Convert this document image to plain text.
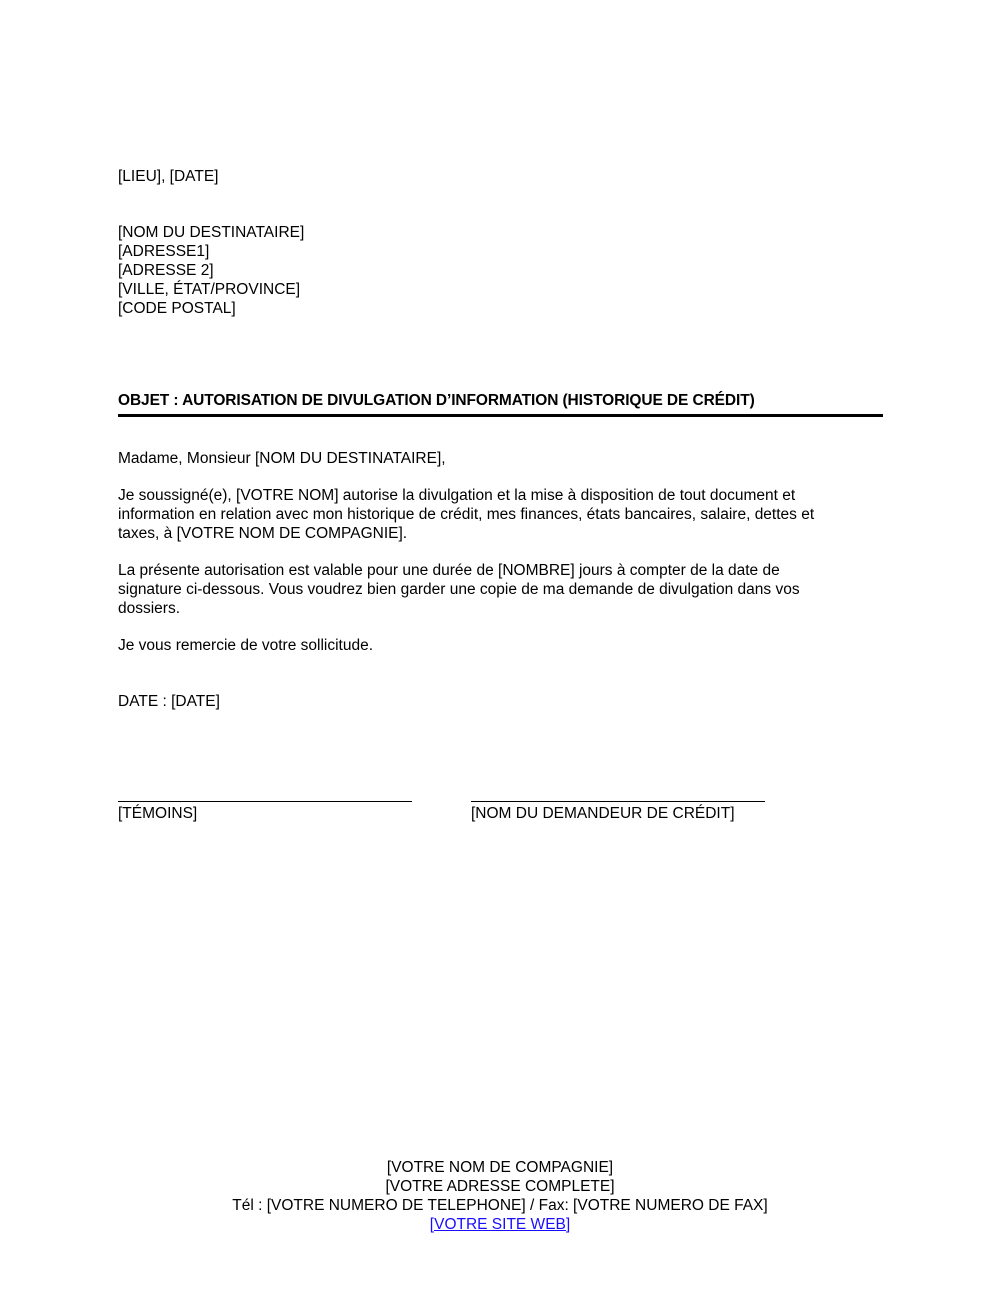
[LIEU], [DATE]
[NOM DU DESTINATAIRE]
[ADRESSE1]
[ADRESSE 2]
[VILLE, ÉTAT/PROVINCE]
[CODE POSTAL]
OBJET : AUTORISATION DE DIVULGATION D’INFORMATION (HISTORIQUE DE CRÉDIT)
Madame, Monsieur [NOM DU DESTINATAIRE],
Je soussigné(e), [VOTRE NOM] autorise la divulgation et la mise à disposition de tout document et
information en relation avec mon historique de crédit, mes finances, états bancaires, salaire, dettes et
taxes, à [VOTRE NOM DE COMPAGNIE].
La présente autorisation est valable pour une durée de [NOMBRE] jours à compter de la date de
signature ci-dessous. Vous voudrez bien garder une copie de ma demande de divulgation dans vos
dossiers.
Je vous remercie de votre sollicitude.
DATE : [DATE]
[TÉMOINS]	[NOM DU DEMANDEUR DE CRÉDIT]
[VOTRE NOM DE COMPAGNIE]
[VOTRE ADRESSE COMPLETE]
Tél : [VOTRE NUMERO DE TELEPHONE] / Fax: [VOTRE NUMERO DE FAX]
[VOTRE SITE WEB]
